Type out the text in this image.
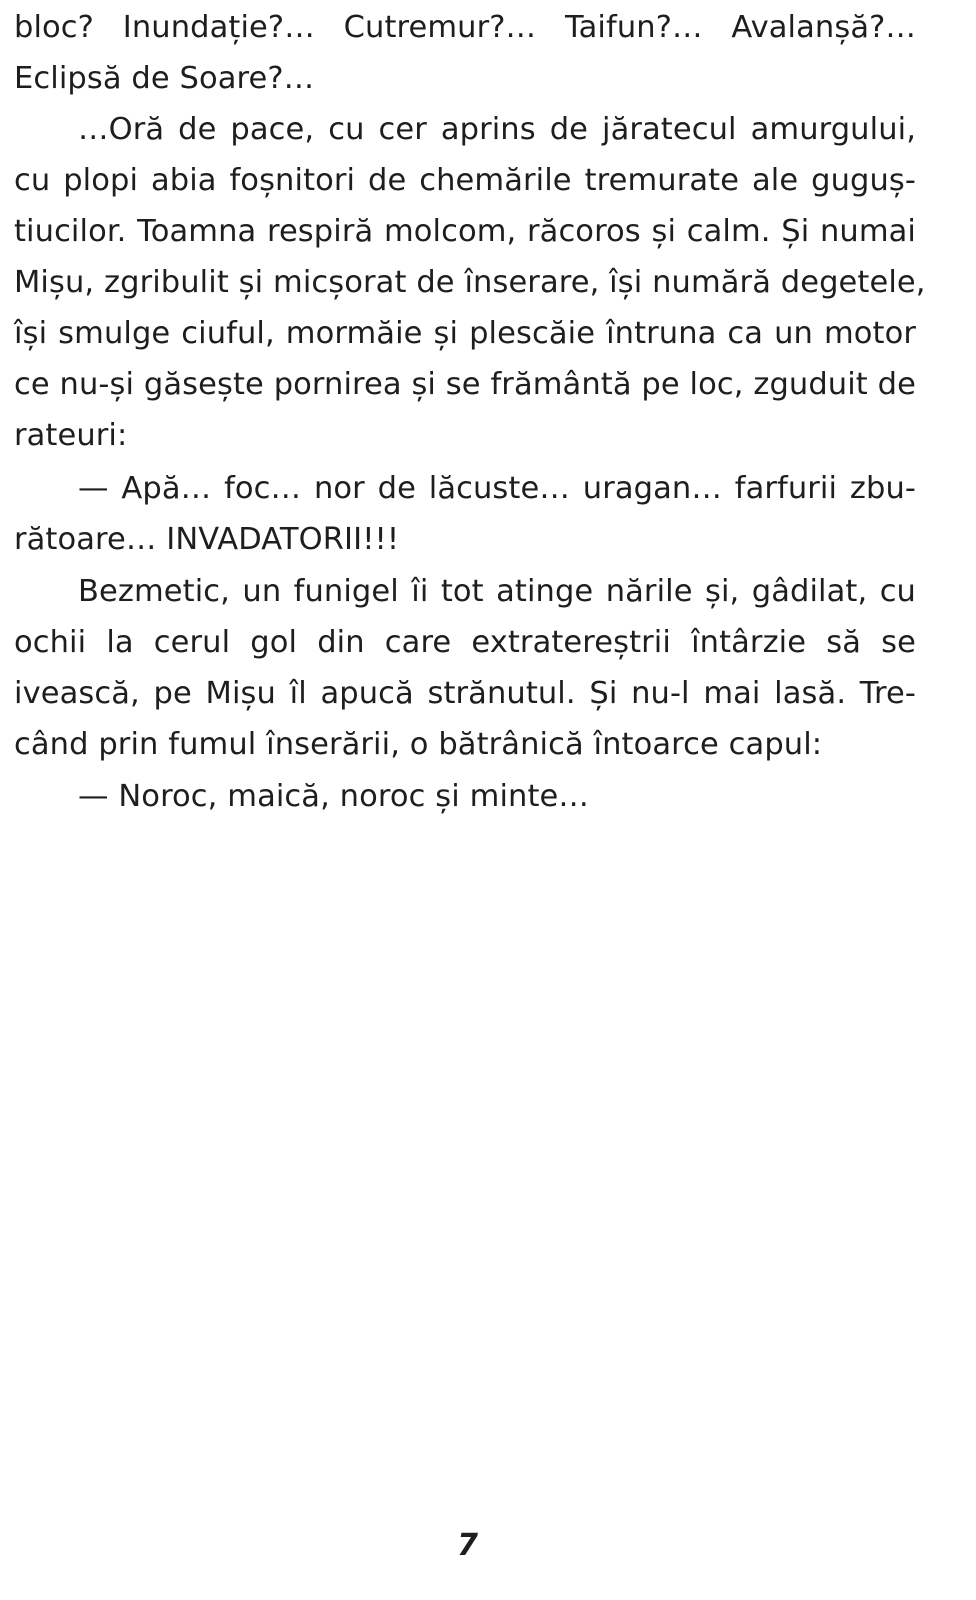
bloc? Inundație?… Cutremur?… Taifun?… Avalanșă?…
Eclipsă de Soare?…
…Oră de pace, cu cer aprins de jăratecul amurgului,
cu plopi abia foșnitori de chemările tremurate ale guguș-
tiucilor. Toamna respiră molcom, răcoros și calm. Și numai
Mișu, zgribulit și micșorat de înserare, își numără degetele,
își smulge ciuful, mormăie și plescăie întruna ca un motor
ce nu-și găsește pornirea și se frământă pe loc, zguduit de
rateuri:
— Apă… foc… nor de lăcuste… uragan… farfurii zbu-
rătoare… INVADATORII!!!
Bezmetic, un funigel îi tot atinge nările și, gâdilat, cu
ochii la cerul gol din care extratereștrii întârzie să se
ivească, pe Mișu îl apucă strănutul. Și nu-l mai lasă. Tre-
când prin fumul înserării, o bătrânică întoarce capul:
— Noroc, maică, noroc și minte…
7
